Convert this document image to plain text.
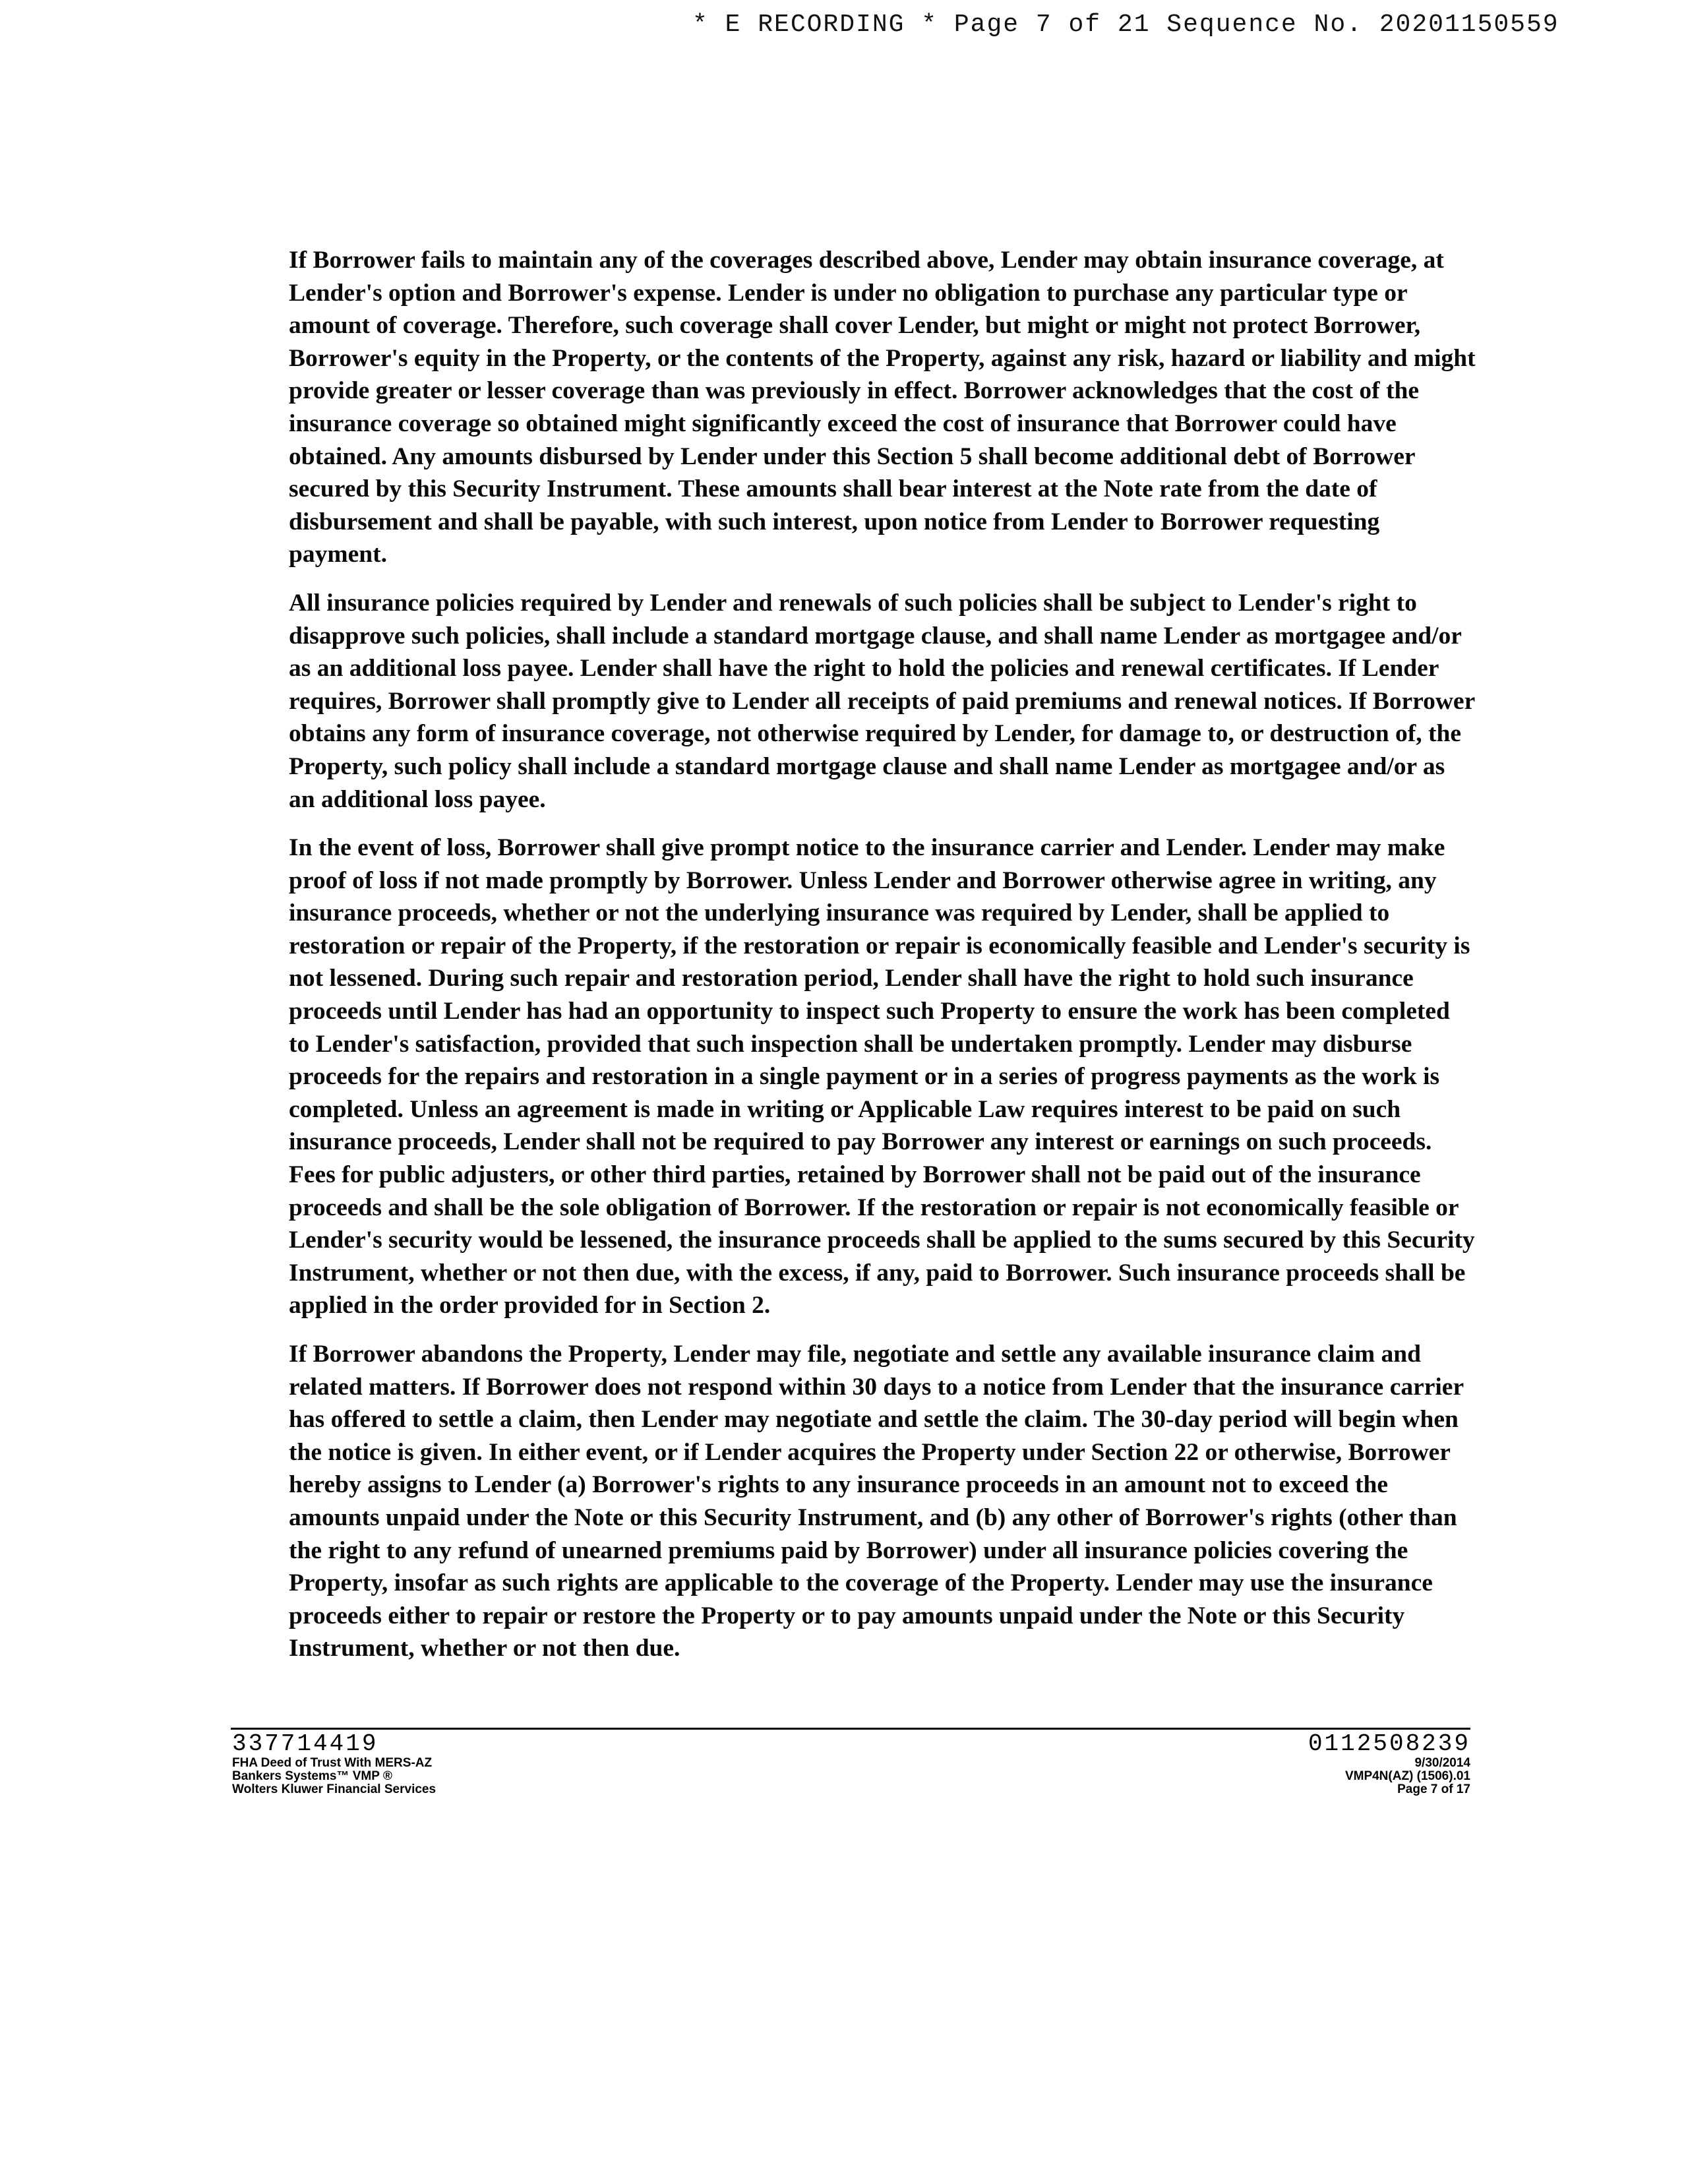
* E RECORDING * Page 7 of 21 Sequence No. 20201150559

If Borrower fails to maintain any of the coverages described above, Lender may obtain insurance coverage, at Lender's option and Borrower's expense. Lender is under no obligation to purchase any particular type or amount of coverage. Therefore, such coverage shall cover Lender, but might or might not protect Borrower, Borrower's equity in the Property, or the contents of the Property, against any risk, hazard or liability and might provide greater or lesser coverage than was previously in effect. Borrower acknowledges that the cost of the insurance coverage so obtained might significantly exceed the cost of insurance that Borrower could have obtained. Any amounts disbursed by Lender under this Section 5 shall become additional debt of Borrower secured by this Security Instrument. These amounts shall bear interest at the Note rate from the date of disbursement and shall be payable, with such interest, upon notice from Lender to Borrower requesting payment.

All insurance policies required by Lender and renewals of such policies shall be subject to Lender's right to disapprove such policies, shall include a standard mortgage clause, and shall name Lender as mortgagee and/or as an additional loss payee. Lender shall have the right to hold the policies and renewal certificates. If Lender requires, Borrower shall promptly give to Lender all receipts of paid premiums and renewal notices. If Borrower obtains any form of insurance coverage, not otherwise required by Lender, for damage to, or destruction of, the Property, such policy shall include a standard mortgage clause and shall name Lender as mortgagee and/or as an additional loss payee.

In the event of loss, Borrower shall give prompt notice to the insurance carrier and Lender. Lender may make proof of loss if not made promptly by Borrower. Unless Lender and Borrower otherwise agree in writing, any insurance proceeds, whether or not the underlying insurance was required by Lender, shall be applied to restoration or repair of the Property, if the restoration or repair is economically feasible and Lender's security is not lessened. During such repair and restoration period, Lender shall have the right to hold such insurance proceeds until Lender has had an opportunity to inspect such Property to ensure the work has been completed to Lender's satisfaction, provided that such inspection shall be undertaken promptly. Lender may disburse proceeds for the repairs and restoration in a single payment or in a series of progress payments as the work is completed. Unless an agreement is made in writing or Applicable Law requires interest to be paid on such insurance proceeds, Lender shall not be required to pay Borrower any interest or earnings on such proceeds. Fees for public adjusters, or other third parties, retained by Borrower shall not be paid out of the insurance proceeds and shall be the sole obligation of Borrower. If the restoration or repair is not economically feasible or Lender's security would be lessened, the insurance proceeds shall be applied to the sums secured by this Security Instrument, whether or not then due, with the excess, if any, paid to Borrower. Such insurance proceeds shall be applied in the order provided for in Section 2.

If Borrower abandons the Property, Lender may file, negotiate and settle any available insurance claim and related matters. If Borrower does not respond within 30 days to a notice from Lender that the insurance carrier has offered to settle a claim, then Lender may negotiate and settle the claim. The 30-day period will begin when the notice is given. In either event, or if Lender acquires the Property under Section 22 or otherwise, Borrower hereby assigns to Lender (a) Borrower's rights to any insurance proceeds in an amount not to exceed the amounts unpaid under the Note or this Security Instrument, and (b) any other of Borrower's rights (other than the right to any refund of unearned premiums paid by Borrower) under all insurance policies covering the Property, insofar as such rights are applicable to the coverage of the Property. Lender may use the insurance proceeds either to repair or restore the Property or to pay amounts unpaid under the Note or this Security Instrument, whether or not then due.

337714419
FHA Deed of Trust With MERS-AZ
Bankers Systems™ VMP ®
Wolters Kluwer Financial Services
0112508239
9/30/2014
VMP4N(AZ) (1506).01
Page 7 of 17
